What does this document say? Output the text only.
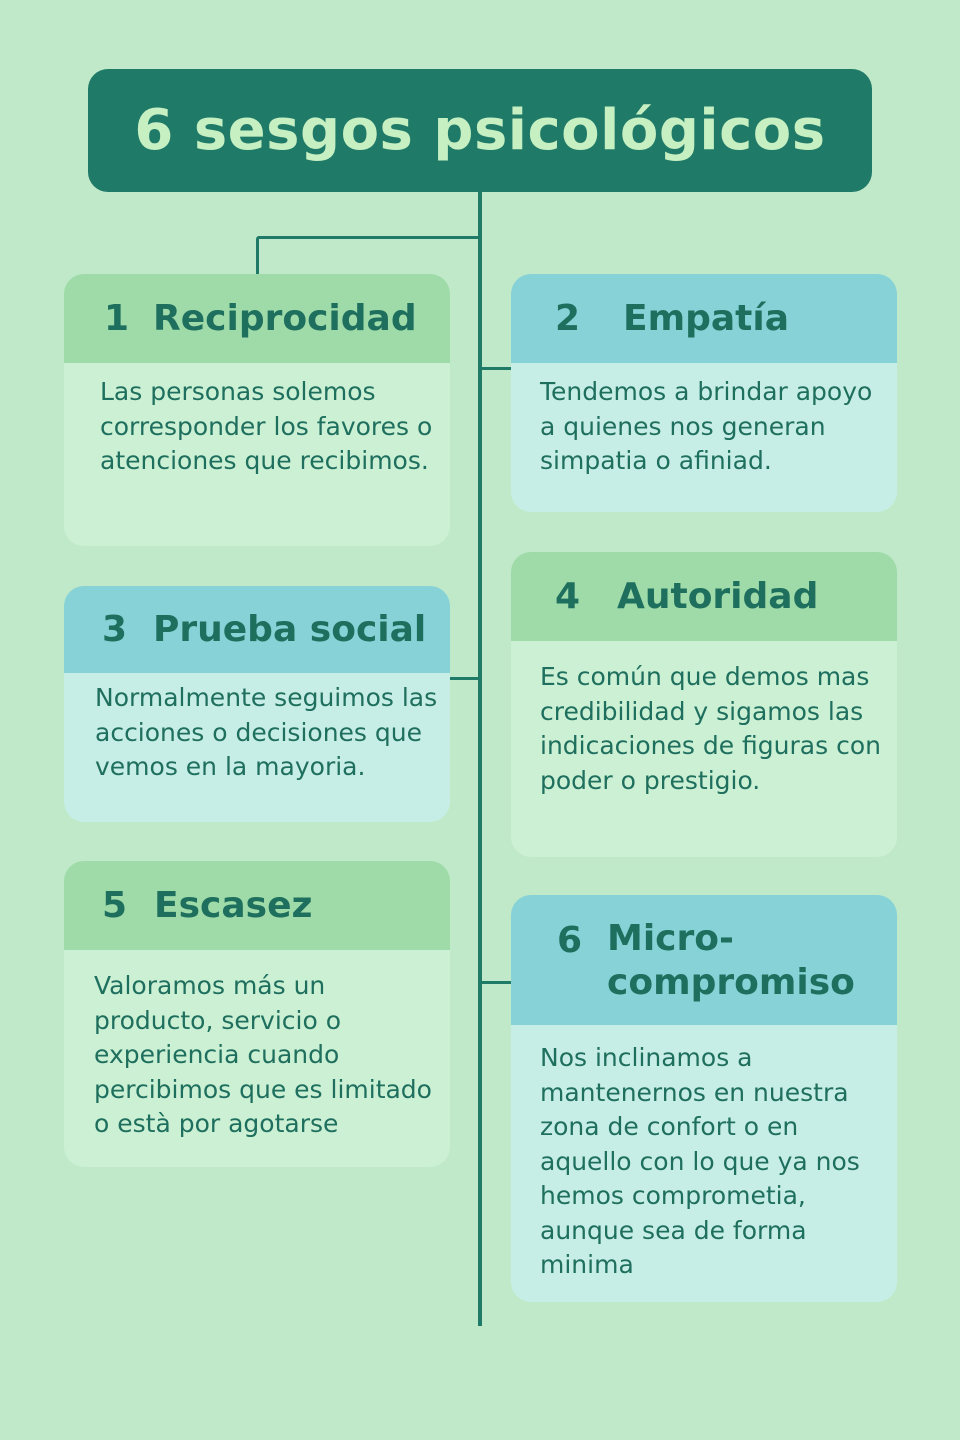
6 sesgos psicológicos
1 Reciprocidad
Las personas solemos corresponder los favores o atenciones que recibimos.
2	Empatía
Tendemos a brindar apoyo a quienes nos generan simpatia o afiniad.
3 Prueba social
Normalmente seguimos las acciones o decisiones que vemos en la mayoria.
4	Autoridad
Es común que demos mas credibilidad y sigamos las indicaciones de figuras con poder o prestigio.
5 Escasez
Valoramos más un producto, servicio o experiencia cuando percibimos que es limitado o està por agotarse
6 Micro-compromiso
Nos inclinamos a mantenernos en nuestra zona de confort o en aquello con lo que ya nos hemos comprometia, aunque sea de forma minima
